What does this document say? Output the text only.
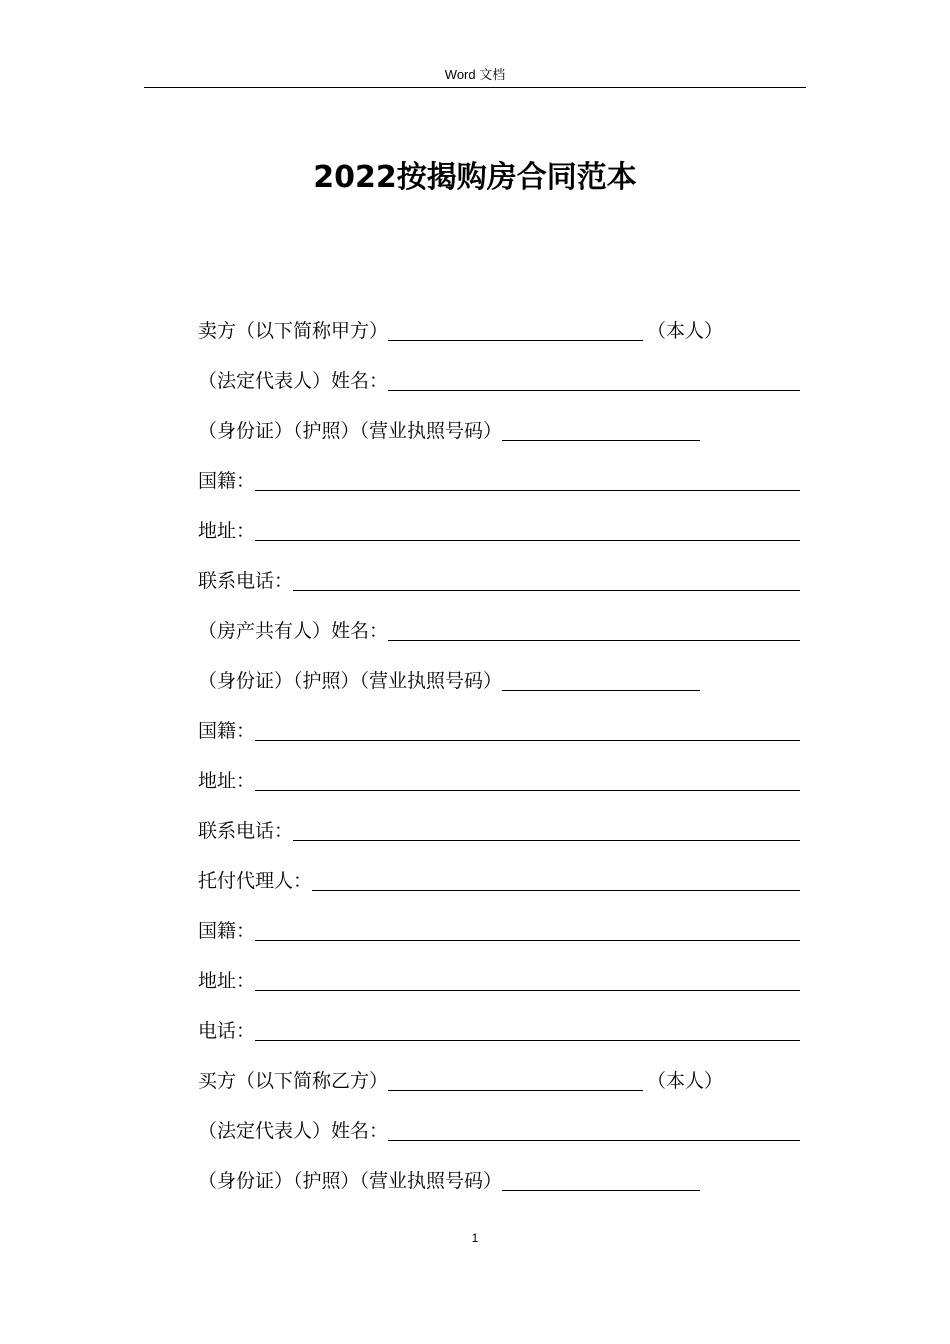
Word 文档
2022按揭购房合同范本
卖方（以下简称甲方）	（本人）
（法定代表人）姓名：
（身份证）（护照）（营业执照号码）
国籍：
地址：
联系电话：
（房产共有人）姓名：
（身份证）（护照）（营业执照号码）
国籍：
地址：
联系电话：
托付代理人：
国籍：
地址：
电话：
买方（以下简称乙方）	（本人）
（法定代表人）姓名：
（身份证）（护照）（营业执照号码）
1
